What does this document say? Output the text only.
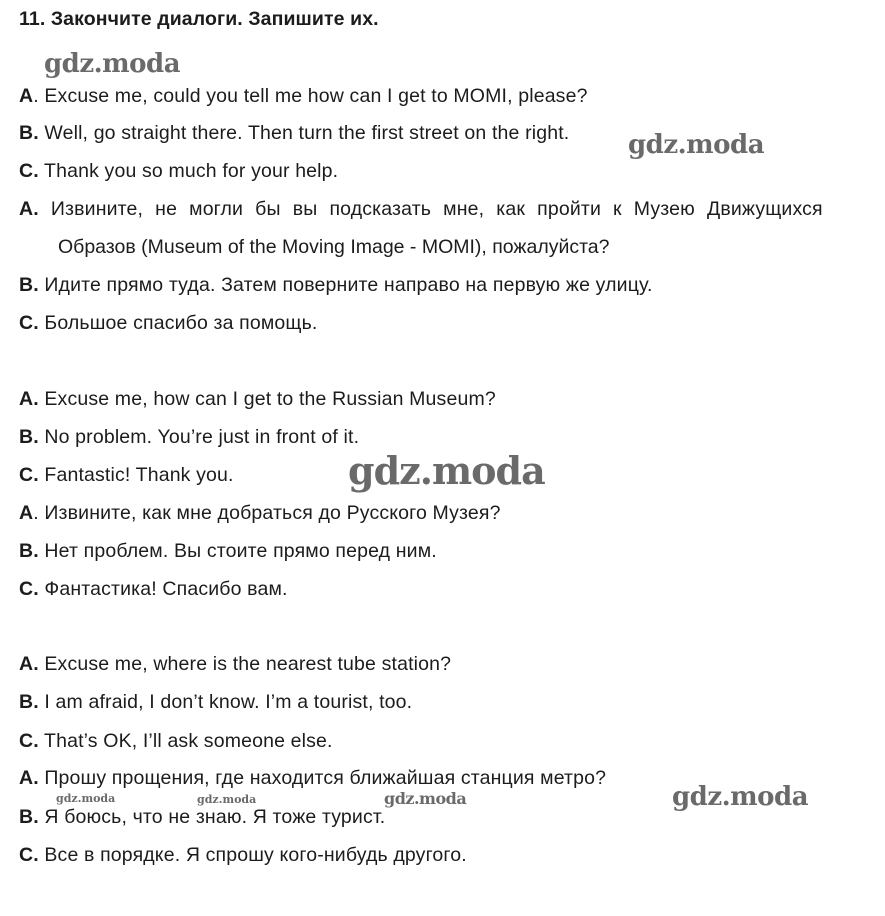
11. Закончите диалоги. Запишите их.
A. Excuse me, could you tell me how can I get to MOMI, please?
B. Well, go straight there. Then turn the first street on the right.
C. Thank you so much for your help.
A. Извините, не могли бы вы подсказать мне, как пройти к Музею Движущихся
Образов (Museum of the Moving Image - MOMI), пожалуйста?
B. Идите прямо туда. Затем поверните направо на первую же улицу.
C. Большое спасибо за помощь.
A. Excuse me, how can I get to the Russian Museum?
B. No problem. You’re just in front of it.
C. Fantastic! Thank you.
A. Извините, как мне добраться до Русского Музея?
B. Нет проблем. Вы стоите прямо перед ним.
C. Фантастика! Спасибо вам.
A. Excuse me, where is the nearest tube station?
B. I am afraid, I don’t know. I’m a tourist, too.
C. That’s OK, I’ll ask someone else.
A. Прошу прощения, где находится ближайшая станция метро?
B. Я боюсь, что не знаю. Я тоже турист.
C. Все в порядке. Я спрошу кого-нибудь другого.
gdz.moda
gdz.moda
gdz.moda
gdz.moda
gdz.moda	gdz.moda	gdz.moda
